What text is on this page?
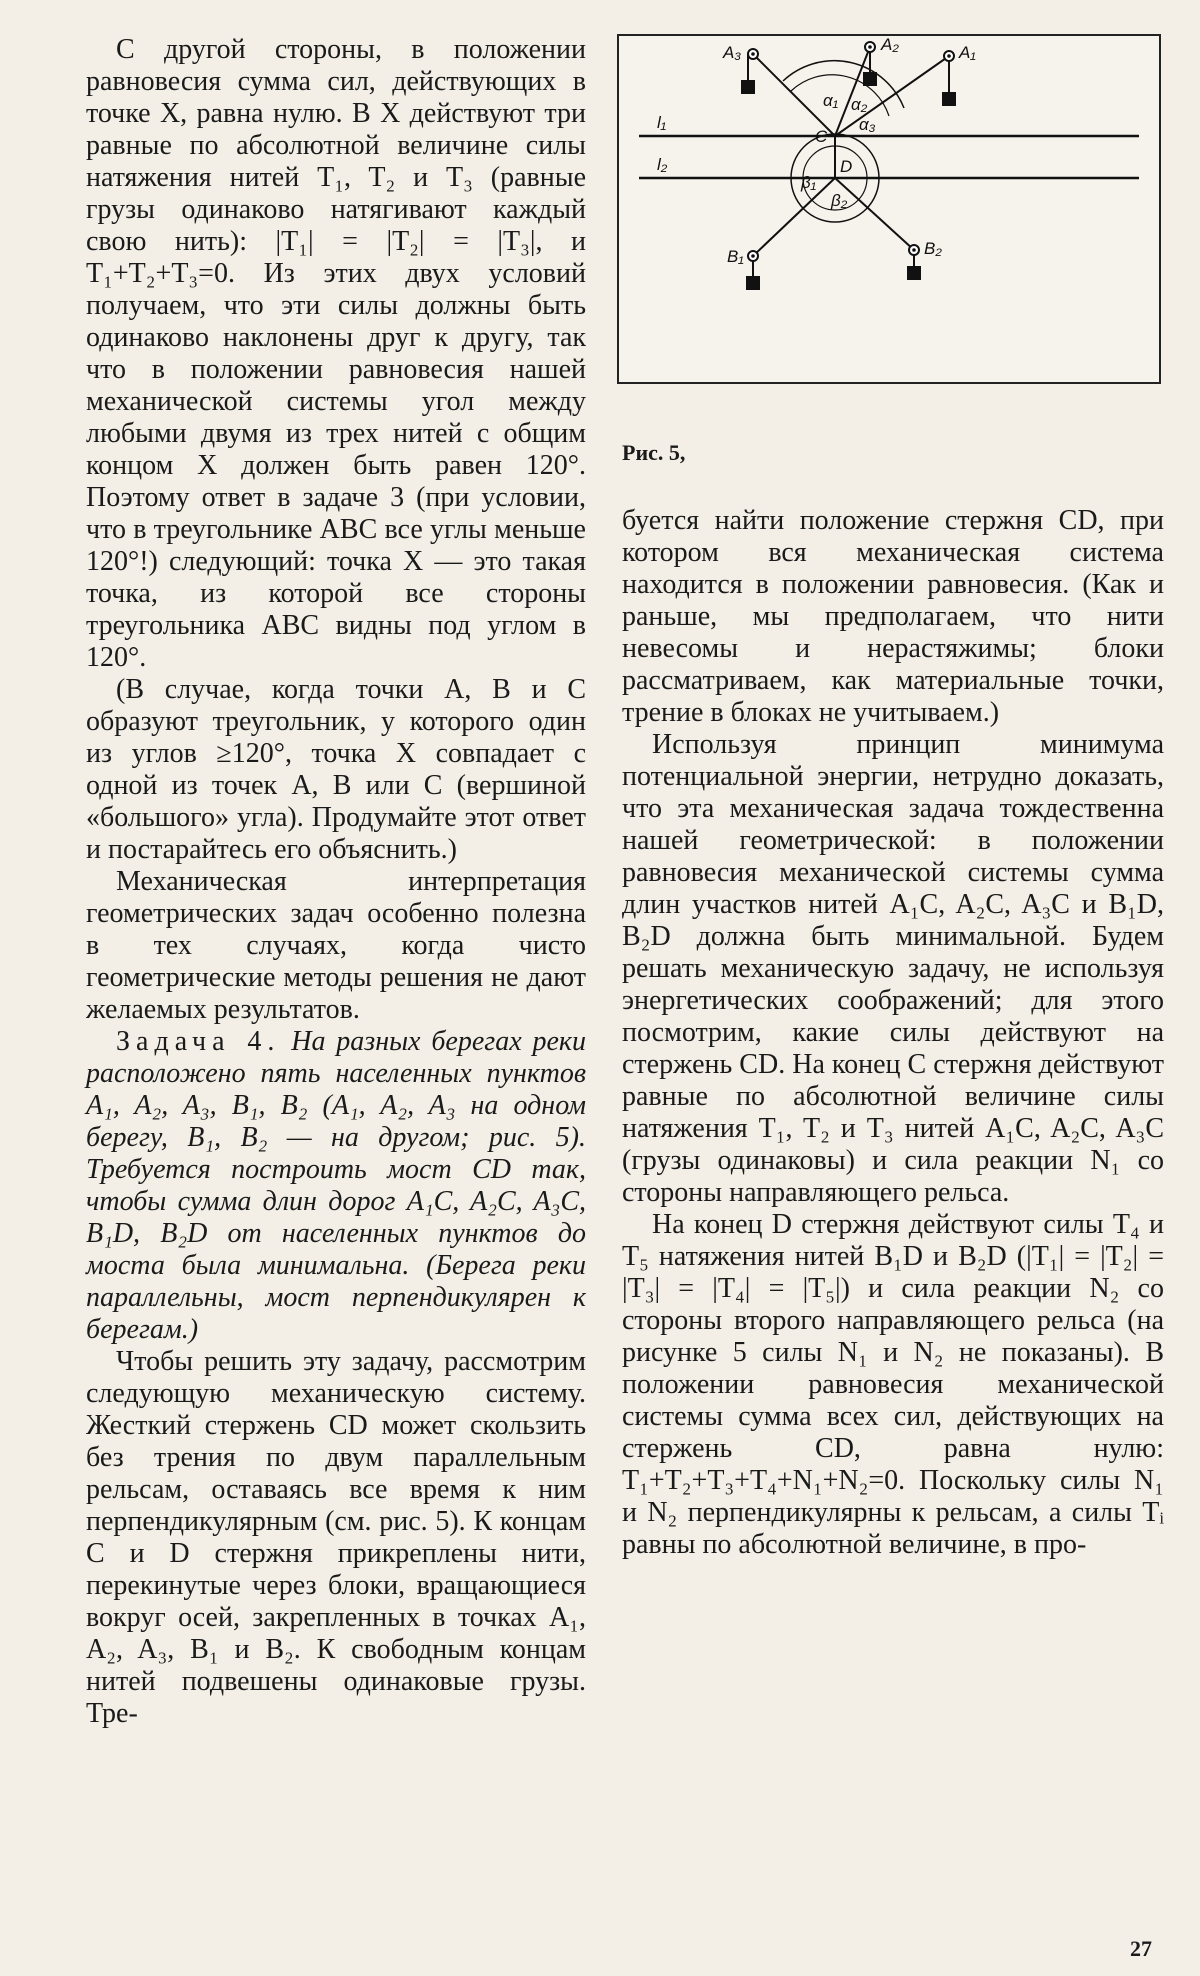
С другой стороны, в положении равновесия сумма сил, действующих в точке X, равна нулю. В X действуют три равные по абсолютной величине силы натяжения нитей T₁, T₂ и T₃ (равные грузы одинаково натягивают каждый свою нить): |T₁| = |T₂| = |T₃|, и T₁+T₂+T₃=0. Из этих двух условий получаем, что эти силы должны быть одинаково наклонены друг к другу, так что в положении равновесия нашей механической системы угол между любыми двумя из трех нитей с общим концом X должен быть равен 120°. Поэтому ответ в задаче 3 (при условии, что в треугольнике ABC все углы меньше 120°!) следующий: точка X — это такая точка, из которой все стороны треугольника ABC видны под углом в 120°.

(В случае, когда точки A, B и C образуют треугольник, у которого один из углов ≥120°, точка X совпадает с одной из точек A, B или C (вершиной «большого» угла). Продумайте этот ответ и постарайтесь его объяснить.)

Механическая интерпретация геометрических задач особенно полезна в тех случаях, когда чисто геометрические методы решения не дают желаемых результатов.

Задача 4. На разных берегах реки расположено пять населенных пунктов A₁, A₂, A₃, B₁, B₂ (A₁, A₂, A₃ на одном берегу, B₁, B₂ — на другом; рис. 5). Требуется построить мост CD так, чтобы сумма длин дорог A₁C, A₂C, A₃C, B₁D, B₂D от населенных пунктов до моста была минимальна. (Берега реки параллельны, мост перпендикулярен к берегам.)

Чтобы решить эту задачу, рассмотрим следующую механическую систему. Жесткий стержень CD может скользить без трения по двум параллельным рельсам, оставаясь все время к ним перпендикулярным (см. рис. 5). К концам C и D стержня прикреплены нити, перекинутые через блоки, вращающиеся вокруг осей, закрепленных в точках A₁, A₂, A₃, B₁ и B₂. К свободным концам нитей подвешены одинаковые грузы. Тре-

l₁
l₂
A₃	A₂	A₁
B₁	B₂
C
D
α₁ α₂
α₃
β₁
β₂
Рис. 5,

буется найти положение стержня CD, при котором вся механическая система находится в положении равновесия. (Как и раньше, мы предполагаем, что нити невесомы и нерастяжимы; блоки рассматриваем, как материальные точки, трение в блоках не учитываем.)

Используя принцип минимума потенциальной энергии, нетрудно доказать, что эта механическая задача тождественна нашей геометрической: в положении равновесия механической системы сумма длин участков нитей A₁C, A₂C, A₃C и B₁D, B₂D должна быть минимальной. Будем решать механическую задачу, не используя энергетических соображений; для этого посмотрим, какие силы действуют на стержень CD. На конец C стержня действуют равные по абсолютной величине силы натяжения T₁, T₂ и T₃ нитей A₁C, A₂C, A₃C (грузы одинаковы) и сила реакции N₁ со стороны направляющего рельса.

На конец D стержня действуют силы T₄ и T₅ натяжения нитей B₁D и B₂D (|T₁| = |T₂| = |T₃| = |T₄| = |T₅|) и сила реакции N₂ со стороны второго направляющего рельса (на рисунке 5 силы N₁ и N₂ не показаны). В положении равновесия механической системы сумма всех сил, действующих на стержень CD, равна нулю: T₁+T₂+T₃+T₄+N₁+N₂=0. Поскольку силы N₁ и N₂ перпендикулярны к рельсам, а силы Tᵢ равны по абсолютной величине, в про-

27
